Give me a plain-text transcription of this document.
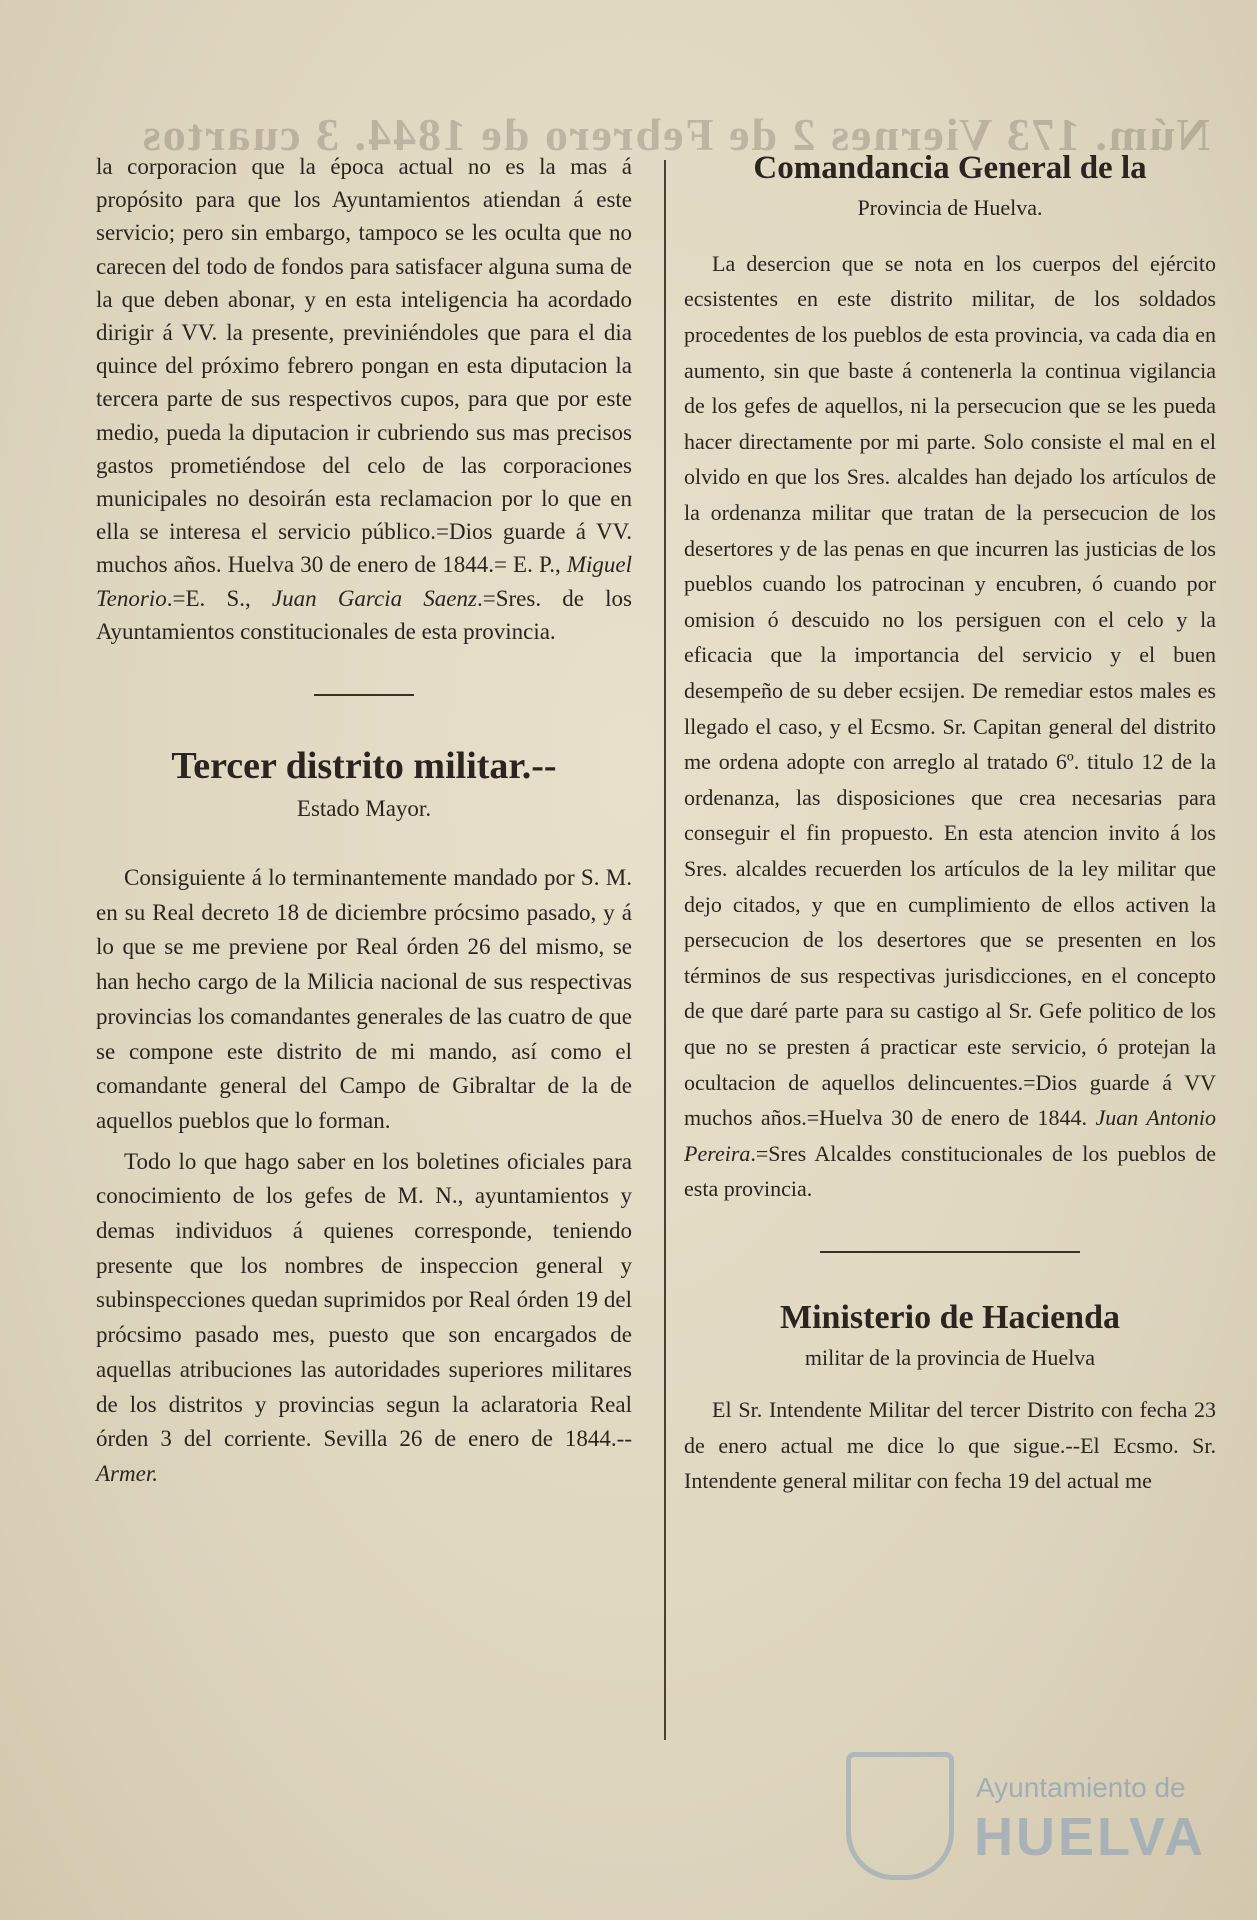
Núm. 173 Viernes 2 de Febrero de 1844. 3 cuartos

la corporacion que la época actual no es la mas á propósito para que los Ayuntamientos atiendan á este servicio; pero sin embargo, tampoco se les oculta que no carecen del todo de fondos para satisfacer alguna suma de la que deben abonar, y en esta inteligencia ha acordado dirigir á VV. la presente, previniéndoles que para el dia quince del próximo febrero pongan en esta diputacion la tercera parte de sus respectivos cupos, para que por este medio, pueda la diputacion ir cubriendo sus mas precisos gastos prometiéndose del celo de las corporaciones municipales no desoirán esta reclamacion por lo que en ella se interesa el servicio público.=Dios guarde á VV. muchos años. Huelva 30 de enero de 1844.= E. P., Miguel Tenorio.=E. S., Juan Garcia Saenz.=Sres. de los Ayuntamientos constitucionales de esta provincia.

Tercer distrito militar.--
Estado Mayor.

Consiguiente á lo terminantemente mandado por S. M. en su Real decreto 18 de diciembre prócsimo pasado, y á lo que se me previene por Real órden 26 del mismo, se han hecho cargo de la Milicia nacional de sus respectivas provincias los comandantes generales de las cuatro de que se compone este distrito de mi mando, así como el comandante general del Campo de Gibraltar de la de aquellos pueblos que lo forman.

Todo lo que hago saber en los boletines oficiales para conocimiento de los gefes de M. N., ayuntamientos y demas individuos á quienes corresponde, teniendo presente que los nombres de inspeccion general y subinspecciones quedan suprimidos por Real órden 19 del prócsimo pasado mes, puesto que son encargados de aquellas atribuciones las autoridades superiores militares de los distritos y provincias segun la aclaratoria Real órden 3 del corriente. Sevilla 26 de enero de 1844.--Armer.

Comandancia General de la
Provincia de Huelva.

La desercion que se nota en los cuerpos del ejército ecsistentes en este distrito militar, de los soldados procedentes de los pueblos de esta provincia, va cada dia en aumento, sin que baste á contenerla la continua vigilancia de los gefes de aquellos, ni la persecucion que se les pueda hacer directamente por mi parte. Solo consiste el mal en el olvido en que los Sres. alcaldes han dejado los artículos de la ordenanza militar que tratan de la persecucion de los desertores y de las penas en que incurren las justicias de los pueblos cuando los patrocinan y encubren, ó cuando por omision ó descuido no los persiguen con el celo y la eficacia que la importancia del servicio y el buen desempeño de su deber ecsijen. De remediar estos males es llegado el caso, y el Ecsmo. Sr. Capitan general del distrito me ordena adopte con arreglo al tratado 6º. titulo 12 de la ordenanza, las disposiciones que crea necesarias para conseguir el fin propuesto. En esta atencion invito á los Sres. alcaldes recuerden los artículos de la ley militar que dejo citados, y que en cumplimiento de ellos activen la persecucion de los desertores que se presenten en los términos de sus respectivas jurisdicciones, en el concepto de que daré parte para su castigo al Sr. Gefe politico de los que no se presten á practicar este servicio, ó protejan la ocultacion de aquellos delincuentes.=Dios guarde á VV muchos años.=Huelva 30 de enero de 1844. Juan Antonio Pereira.=Sres Alcaldes constitucionales de los pueblos de esta provincia.

Ministerio de Hacienda
militar de la provincia de Huelva

El Sr. Intendente Militar del tercer Distrito con fecha 23 de enero actual me dice lo que sigue.--El Ecsmo. Sr. Intendente general militar con fecha 19 del actual me

Ayuntamiento de
HUELVA
